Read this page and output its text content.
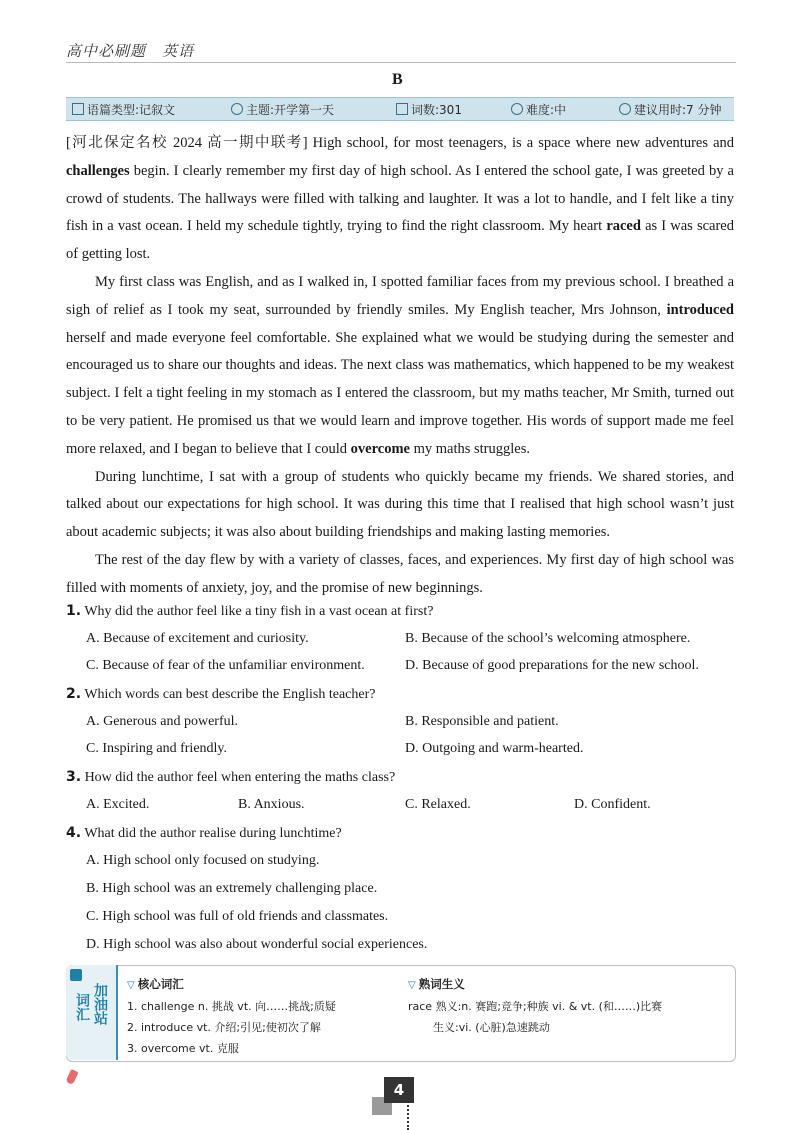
高中必刷题　英语
B
语篇类型:记叙文	主题:开学第一天	词数:301	难度:中	建议用时:7 分钟

[河北保定名校 2024 高一期中联考] High school, for most teenagers, is a space where new adventures and challenges begin. I clearly remember my first day of high school. As I entered the school gate, I was greeted by a crowd of students. The hallways were filled with talking and laughter. It was a lot to handle, and I felt like a tiny fish in a vast ocean. I held my schedule tightly, trying to find the right classroom. My heart raced as I was scared of getting lost.

My first class was English, and as I walked in, I spotted familiar faces from my previous school. I breathed a sigh of relief as I took my seat, surrounded by friendly smiles. My English teacher, Mrs Johnson, introduced herself and made everyone feel comfortable. She explained what we would be studying during the semester and encouraged us to share our thoughts and ideas. The next class was mathematics, which happened to be my weakest subject. I felt a tight feeling in my stomach as I entered the classroom, but my maths teacher, Mr Smith, turned out to be very patient. He promised us that we would learn and improve together. His words of support made me feel more relaxed, and I began to believe that I could overcome my maths struggles.

During lunchtime, I sat with a group of students who quickly became my friends. We shared stories, and talked about our expectations for high school. It was during this time that I realised that high school wasn’t just about academic subjects; it was also about building friendships and making lasting memories.

The rest of the day flew by with a variety of classes, faces, and experiences. My first day of high school was filled with moments of anxiety, joy, and the promise of new beginnings.

1. Why did the author feel like a tiny fish in a vast ocean at first?
A. Because of excitement and curiosity.	B. Because of the school’s welcoming atmosphere.
C. Because of fear of the unfamiliar environment.	D. Because of good preparations for the new school.
2. Which words can best describe the English teacher?
A. Generous and powerful.	B. Responsible and patient.
C. Inspiring and friendly.	D. Outgoing and warm-hearted.
3. How did the author feel when entering the maths class?
A. Excited.	B. Anxious.	C. Relaxed.	D. Confident.
4. What did the author realise during lunchtime?
A. High school only focused on studying.
B. High school was an extremely challenging place.
C. High school was full of old friends and classmates.
D. High school was also about wonderful social experiences.
词汇 加油站 ▽ 核心词汇
1. challenge n. 挑战 vt. 向……挑战;质疑
2. introduce vt. 介绍;引见;使初次了解
3. overcome vt. 克服
▽ 熟词生义
race 熟义:n. 赛跑;竞争;种族 vi. & vt. (和……)比赛
生义:vi. (心脏)急速跳动
4
